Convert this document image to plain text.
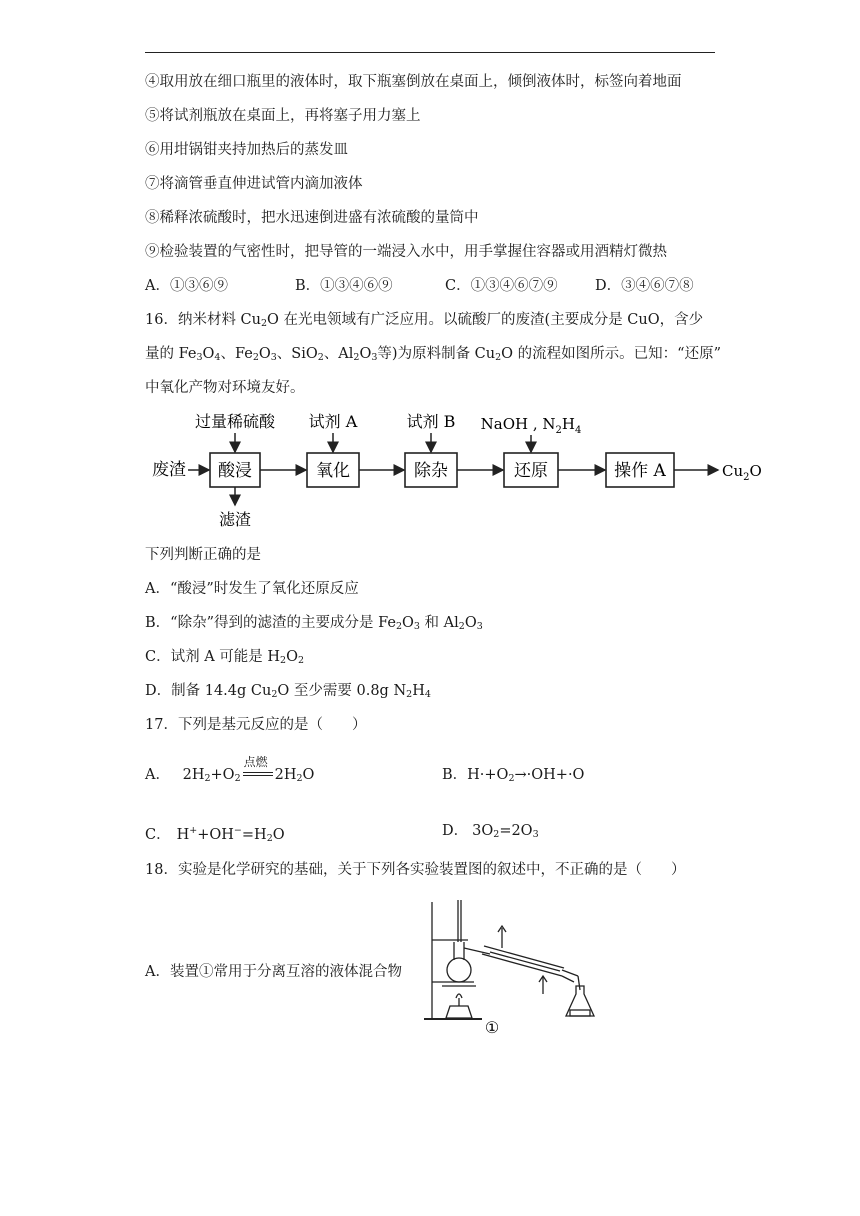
④取用放在细口瓶里的液体时，取下瓶塞倒放在桌面上，倾倒液体时，标签向着地面
⑤将试剂瓶放在桌面上，再将塞子用力塞上
⑥用坩锅钳夹持加热后的蒸发皿
⑦将滴管垂直伸进试管内滴加液体
⑧稀释浓硫酸时，把水迅速倒进盛有浓硫酸的量筒中
⑨检验装置的气密性时，把导管的一端浸入水中，用手掌握住容器或用酒精灯微热
A．①③⑥⑨	B．①③④⑥⑨	C．①③④⑥⑦⑨	D．③④⑥⑦⑧
16．纳米材料 $Cu_2O$ 在光电领域有广泛应用。以硫酸厂的废渣(主要成分是 CuO，含少
量的 $Fe_3O_4$、$Fe_2O_3$、SiO$_2$、$Al_2O_3$等)为原料制备 $Cu_2O$ 的流程如图所示。已知：“还原”
中氧化产物对环境友好。
废渣 酸浸	氧化	除杂	还原	操作 A	$Cu_2O$
过量稀硫酸 试剂 A	试剂 B NaOH , $N_2H_4$
滤渣
下列判断正确的是
A．“酸浸”时发生了氧化还原反应
B．“除杂”得到的滤渣的主要成分是 $Fe_2O_3$ 和 $Al_2O_3$
C．试剂 A 可能是 $H_2O_2$
D．制备 14.4g $Cu_2O$ 至少需要 0.8g $N_2H_4$
17．下列是基元反应的是（　　）
A． $2H_2+O_2$
点燃
$2H_2O$	B．$H\cdot+O_2\to\cdot OH+\cdot O$
C． $H^++OH^-=H_2O$	D． $3O_2=2O_3$
18．实验是化学研究的基础，关于下列各实验装置图的叙述中，不正确的是（　　）
A．装置①常用于分离互溶的液体混合物
①
